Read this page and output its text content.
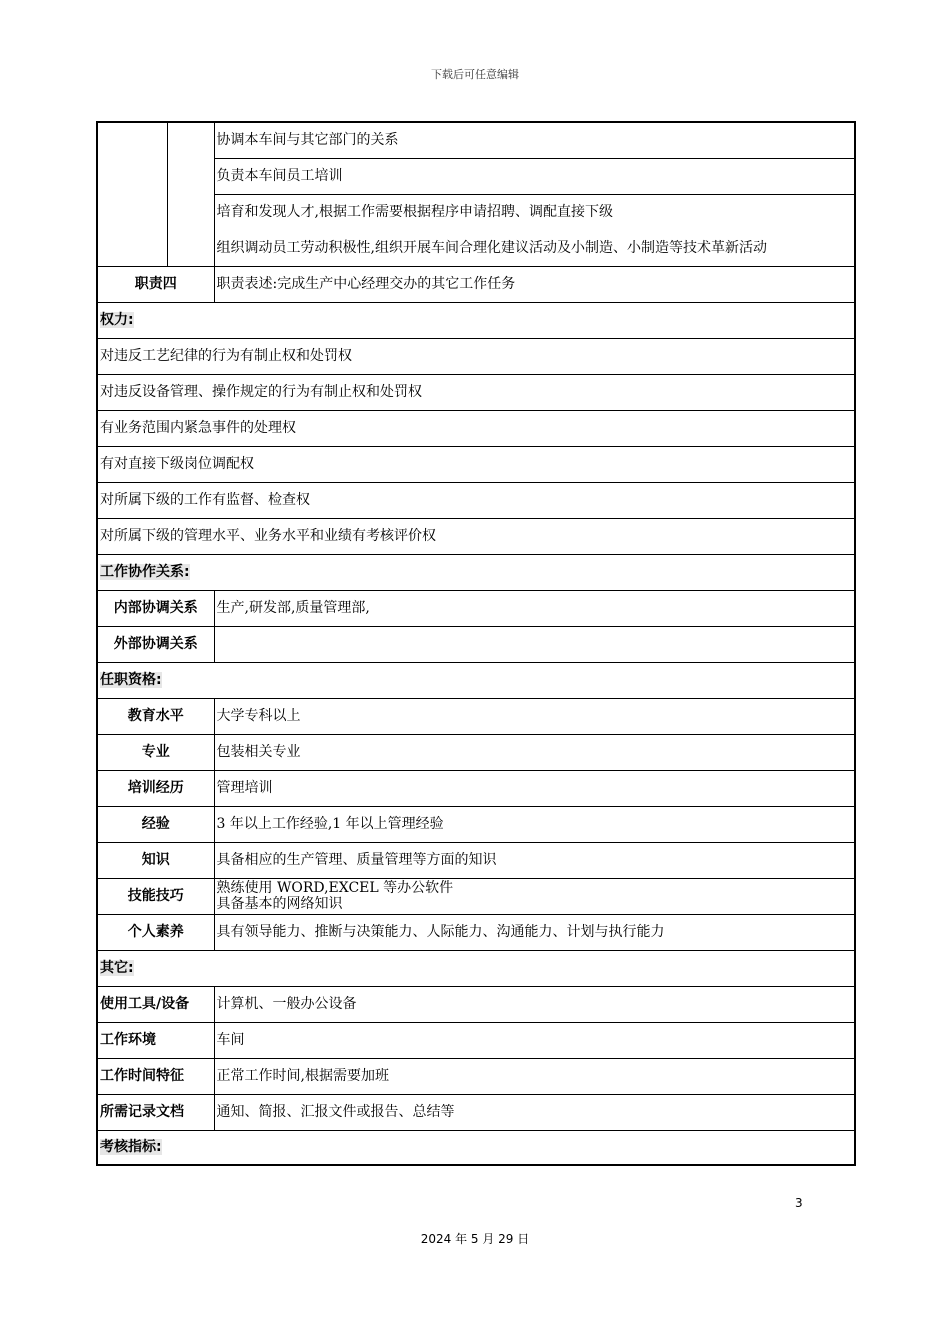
下载后可任意编辑
		协调本车间与其它部门的关系
		负责本车间员工培训
		培育和发现人才,根据工作需要根据程序申请招聘、调配直接下级
		组织调动员工劳动积极性,组织开展车间合理化建议活动及小制造、小制造等技术革新活动
职责四		职责表述:完成生产中心经理交办的其它工作任务
权力:		
对违反工艺纪律的行为有制止权和处罚权		
对违反设备管理、操作规定的行为有制止权和处罚权		
有业务范围内紧急事件的处理权		
有对直接下级岗位调配权		
对所属下级的工作有监督、检查权		
对所属下级的管理水平、业务水平和业绩有考核评价权		
工作协作关系:		
内部协调关系		生产,研发部,质量管理部,
外部协调关系		
任职资格:		
教育水平		大学专科以上
专业		包装相关专业
培训经历		管理培训
经验		3 年以上工作经验,1 年以上管理经验
知识		具备相应的生产管理、质量管理等方面的知识
技能技巧		熟练使用 WORD,EXCEL 等办公软件
具备基本的网络知识

个人素养		具有领导能力、推断与决策能力、人际能力、沟通能力、计划与执行能力
其它:		
使用工具/设备		计算机、一般办公设备
工作环境		车间
工作时间特征		正常工作时间,根据需要加班
所需记录文档		通知、简报、汇报文件或报告、总结等
考核指标:		
3
2024 年 5 月 29 日
